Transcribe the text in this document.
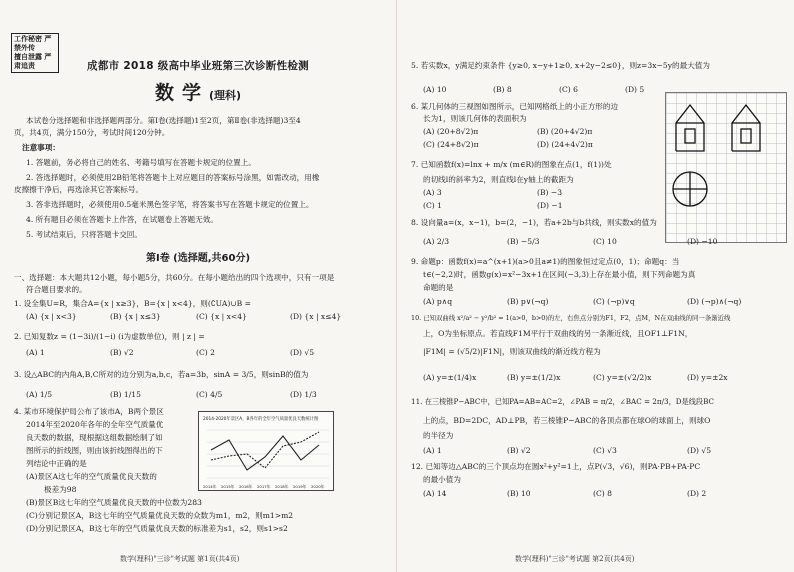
工作秘密 严禁外传
擅自泄露 严肃追责	成都市 2018 级高中毕业班第三次诊断性检测
数学(理科)
本试卷分选择题和非选择题两部分。第Ⅰ卷(选择题)1至2页，第Ⅱ卷(非选择题)3至4
页，共4页，满分150分，考试时间120分钟。
注意事项：
1. 答题前，务必将自己的姓名、考籍号填写在答题卡规定的位置上。
2. 答选择题时，必须使用2B铅笔将答题卡上对应题目的答案标号涂黑，如需改动，用橡
皮擦擦干净后，再选涂其它答案标号。
3. 答非选择题时，必须使用0.5毫米黑色签字笔，将答案书写在答题卡规定的位置上。
4. 所有题目必须在答题卡上作答，在试题卷上答题无效。
5. 考试结束后，只将答题卡交回。
第Ⅰ卷 (选择题,共60分)
一、选择题：本大题共12小题，每小题5分，共60分。在每小题给出的四个选项中，只有一项是
符合题目要求的。
1. 设全集U=R，集合A={x | x≥3}，B={x | x<4}，则(∁UA)∪B =
(A) {x | x<3}	(B) {x | x≤3}	(C) {x | x<4}	(D) {x | x≤4}
2. 已知复数z = (1−3i)/(1−i) (i为虚数单位)，则 | z | =
(A) 1	(B) √2	(C) 2	(D) √5
3. 设△ABC的内角A,B,C所对的边分别为a,b,c，若a=3b，sinA = 3/5，则sinB的值为
(A) 1/5	(B) 1/15	(C) 4/5	(D) 1/3
4. 某市环境保护局公布了该市A，B两个景区
2014年至2020年各年的全年空气质量优
良天数的数据，现根据这组数据绘制了如
图所示的折线图，则由该折线图得出的下
列结论中正确的是
(A)景区A这七年的空气质量优良天数的
极差为98
(B)景区B这七年的空气质量优良天数的中位数为283
(C)分别记景区A，B这七年的空气质量优良天数的众数为m1，m2，则m1>m2
(D)分别记景区A，B这七年的空气质量优良天数的标准差为s1，s2，则s1>s2
2014-2020年景区A，B各年的全年空气质量优良天数统计图
2014年 2015年 2016年 2017年 2018年 2019年 2020年
数学(理科)"三诊"考试题 第1页(共4页)
5. 若实数x，y满足约束条件 {y≥0, x−y+1≥0, x+2y−2≤0}，则z=3x−5y的最大值为
(A) 10	(B) 8	(C) 6	(D) 5
6. 某几何体的三视图如图所示，已知网格纸上的小正方形的边
长为1，则该几何体的表面积为
(A) (20+8√2)π	(B) (20+4√2)π
(C) (24+8√2)π	(D) (24+4√2)π
7. 已知函数f(x)=lnx + m/x (m∈R)的图象在点(1，f(1))处
的切线l的斜率为2，则直线l在y轴上的截距为
(A) 3	(B) −3
(C) 1	(D) −1
8. 设向量a=(x，x−1)，b=(2，−1)，若a+2b与b共线，则实数x的值为
(A) 2/3	(B) −5/3	(C) 10	(D) −10
9. 命题p：函数f(x)=a^(x+1)(a>0且a≠1)的图象恒过定点(0，1)；命题q：当
t∈(−2,2)时，函数g(x)=x²−3x+1在区间(−3,3)上存在最小值，则下列命题为真
命题的是
(A) p∧q	(B) p∨(¬q)	(C) (¬p)∨q	(D) (¬p)∧(¬q)
10. 已知双曲线 x²/a² − y²/b² = 1(a>0，b>0)的左，右焦点分别为F1，F2，点M，N在双曲线的同一条渐近线
上，O为坐标原点。若直线F1M平行于双曲线的另一条渐近线，且OF1⊥F1N，
|F1M| = (√5/2)|F1N|，则该双曲线的渐近线方程为
(A) y=±(1/4)x	(B) y=±(1/2)x	(C) y=±(√2/2)x	(D) y=±2x
11. 在三棱锥P−ABC中，已知PA=AB=AC=2，∠PAB = π/2，∠BAC = 2π/3，D是线段BC
上的点，BD=2DC，AD⊥PB，若三棱锥P−ABC的各顶点都在球O的球面上，则球O
的半径为
(A) 1	(B) √2	(C) √3	(D) √5
12. 已知等边△ABC的三个顶点均在圆x²+y²=1上，点P(√3，√6)，则PA·PB+PA·PC
的最小值为
(A) 14	(B) 10	(C) 8	(D) 2
数学(理科)"三诊"考试题 第2页(共4页)
